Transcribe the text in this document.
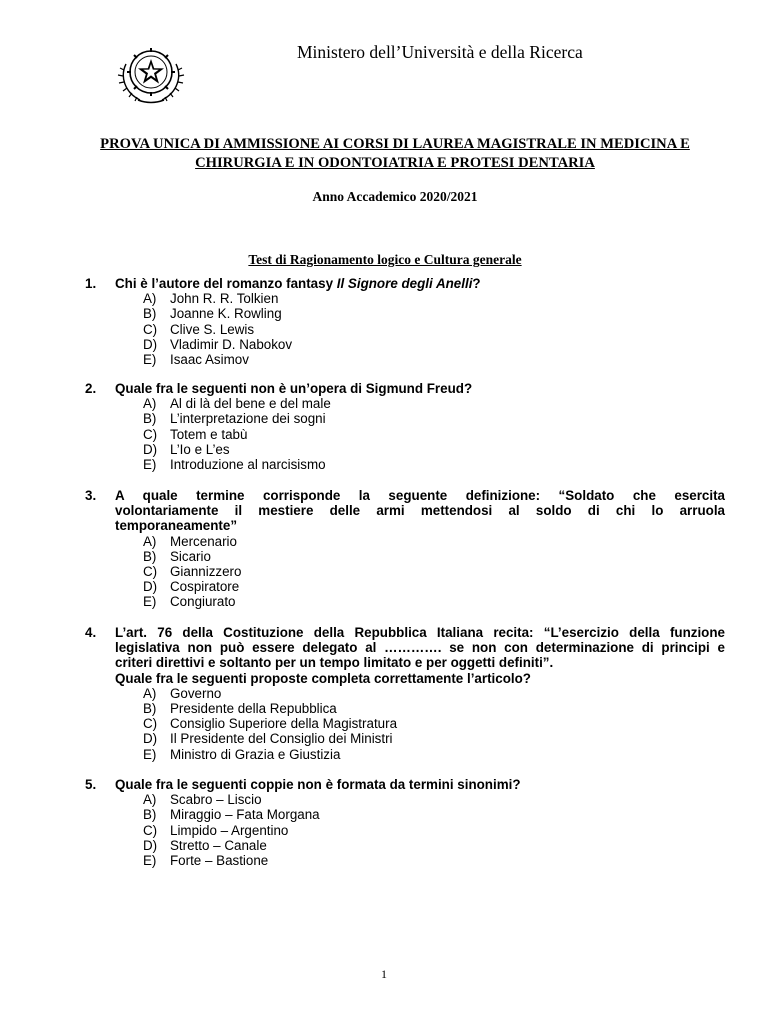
Ministero dell’Università e della Ricerca
PROVA UNICA DI AMMISSIONE AI CORSI DI LAUREA MAGISTRALE IN MEDICINA E
CHIRURGIA E IN ODONTOIATRIA E PROTESI DENTARIA
Anno Accademico 2020/2021
Test di Ragionamento logico e Cultura generale
1. Chi è l’autore del romanzo fantasy Il Signore degli Anelli?
A) John R. R. Tolkien
B) Joanne K. Rowling
C) Clive S. Lewis
D) Vladimir D. Nabokov
E) Isaac Asimov
2. Quale fra le seguenti non è un’opera di Sigmund Freud?
A) Al di là del bene e del male
B) L’interpretazione dei sogni
C) Totem e tabù
D) L’Io e L’es
E) Introduzione al narcisismo
3. A quale termine corrisponde la seguente definizione: “Soldato che esercita
volontariamente il mestiere delle armi mettendosi al soldo di chi lo arruola
temporaneamente”
A) Mercenario
B) Sicario
C) Giannizzero
D) Cospiratore
E) Congiurato
4. L’art. 76 della Costituzione della Repubblica Italiana recita: “L’esercizio della funzione
legislativa non può essere delegato al …………. se non con determinazione di principi e
criteri direttivi e soltanto per un tempo limitato e per oggetti definiti”.
Quale fra le seguenti proposte completa correttamente l’articolo?
A) Governo
B) Presidente della Repubblica
C) Consiglio Superiore della Magistratura
D) Il Presidente del Consiglio dei Ministri
E) Ministro di Grazia e Giustizia
5. Quale fra le seguenti coppie non è formata da termini sinonimi?
A) Scabro – Liscio
B) Miraggio – Fata Morgana
C) Limpido – Argentino
D) Stretto – Canale
E) Forte – Bastione
1
